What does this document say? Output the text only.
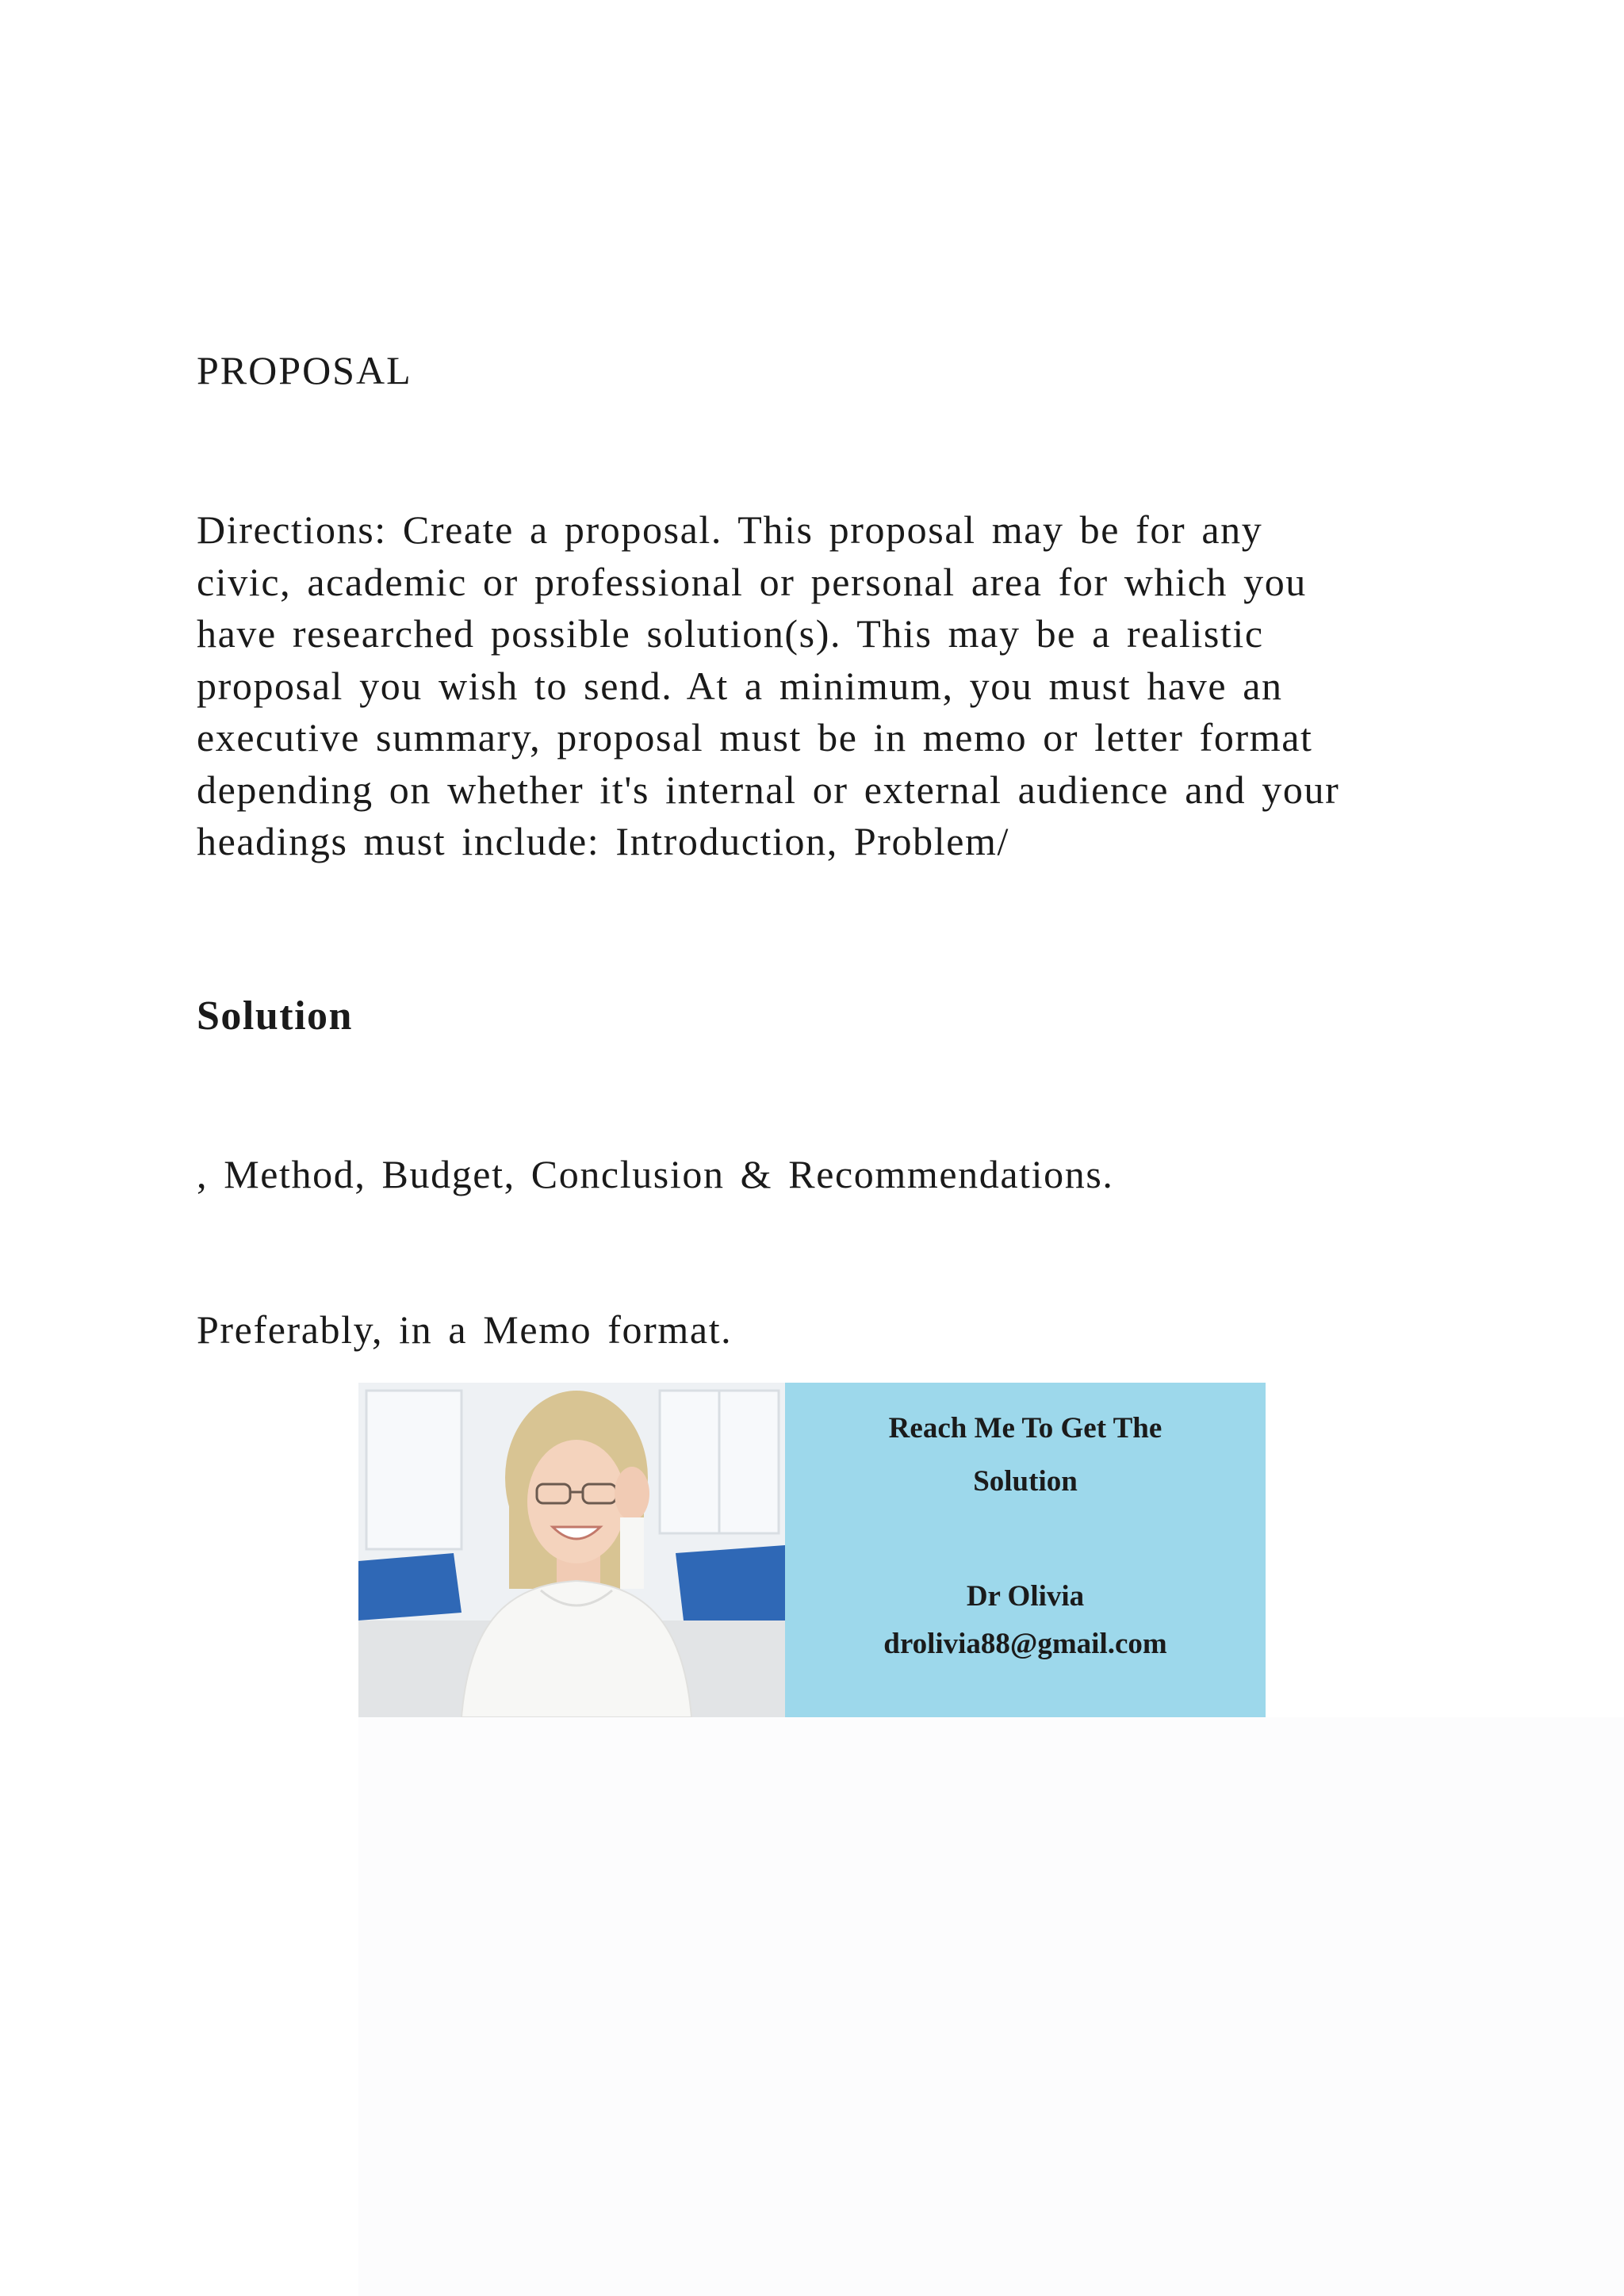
PROPOSAL

Directions: Create a proposal. This proposal may be for any
civic, academic or professional or personal area for which you
have researched possible solution(s). This may be a realistic
proposal you wish to send. At a minimum, you must have an
executive summary, proposal must be in memo or letter format
depending on whether it's internal or external audience and your
headings must include: Introduction, Problem/

Solution

, Method, Budget, Conclusion & Recommendations.

Preferably, in a Memo format.

Reach Me To Get The
Solution
Dr Olivia
drolivia88@gmail.com
